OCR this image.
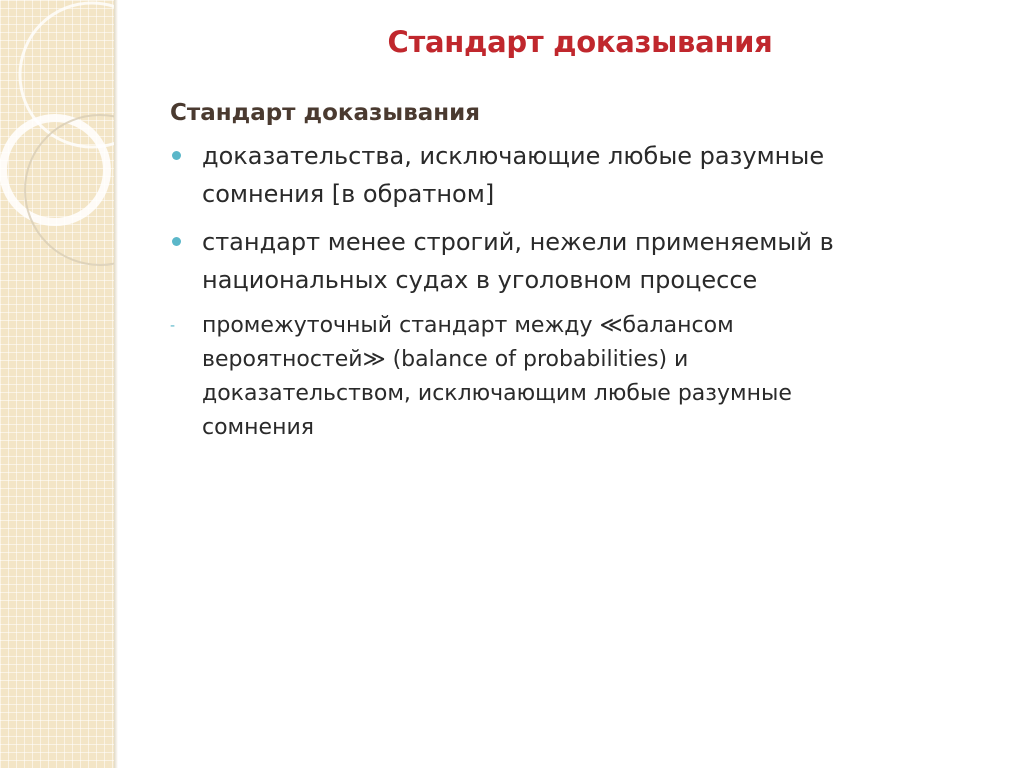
Стандарт доказывания
Стандарт доказывания
доказательства, исключающие любые разумные
сомнения [в обратном]
стандарт менее строгий, нежели применяемый в
национальных судах в уголовном процессе
- промежуточный стандарт между ≪балансом
вероятностей≫ (balance of probabilities) и
доказательством, исключающим любые разумные
сомнения
